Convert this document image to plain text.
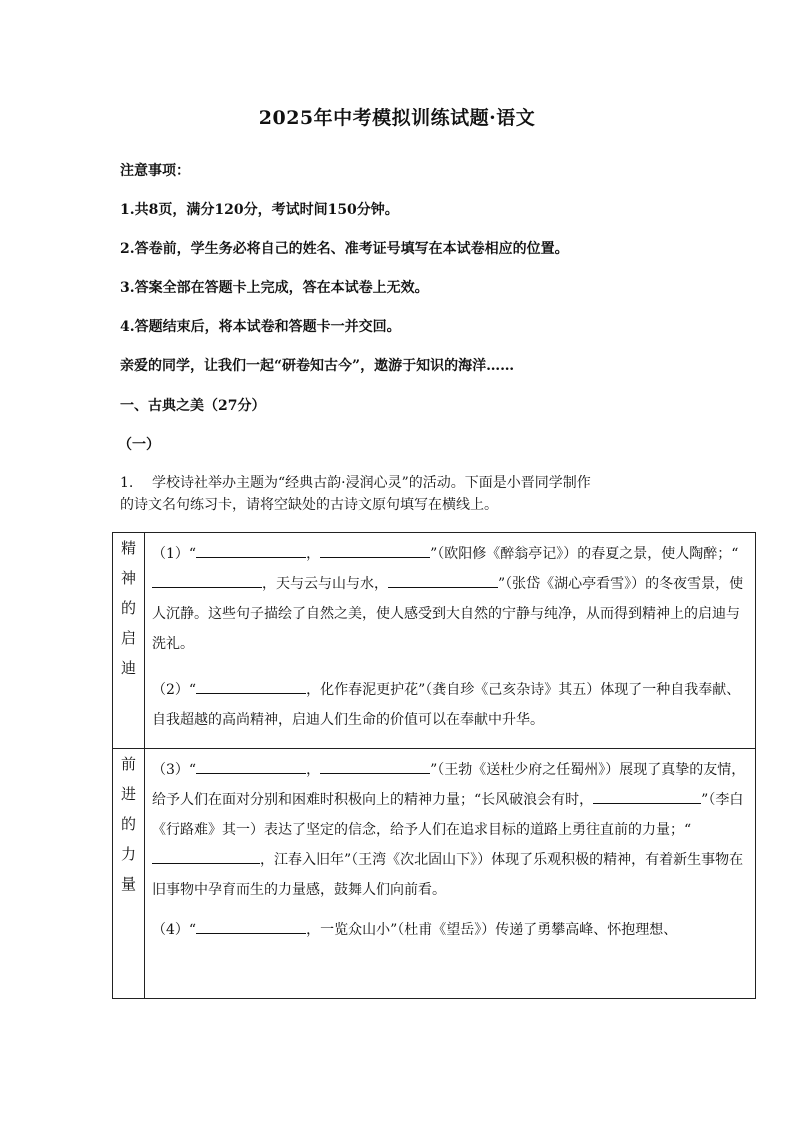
2025年中考模拟训练试题·语文
注意事项：
1.共8页，满分120分，考试时间150分钟。
2.答卷前，学生务必将自己的姓名、准考证号填写在本试卷相应的位置。
3.答案全部在答题卡上完成，答在本试卷上无效。
4.答题结束后，将本试卷和答题卡一并交回。
亲爱的同学，让我们一起“研卷知古今”，遨游于知识的海洋……
一、古典之美（27分）
（一）
1. 学校诗社举办主题为“经典古韵·浸润心灵”的活动。下面是小晋同学制作
的诗文名句练习卡，请将空缺处的古诗文原句填写在横线上。
精神的启迪	（1）“ ， ”（欧阳修《醉翁亭记》）的春夏之景，使人陶醉；“，天与云与山与水， ”（张岱《湖心亭看雪》）的冬夜雪景，使人沉静。这些句子描绘了自然之美，使人感受到大自然的宁静与纯净，从而得到精神上的启迪与洗礼。

（2）“ ，化作春泥更护花”（龚自珍《己亥杂诗》其五）体现了一种自我奉献、自我超越的高尚精神，启迪人们生命的价值可以在奉献中升华。

前进的力量	（3）“ ， ”（王勃《送杜少府之任蜀州》）展现了真挚的友情，给予人们在面对分别和困难时积极向上的精神力量；“长风破浪会有时， ”（李白《行路难》其一）表达了坚定的信念，给予人们在追求目标的道路上勇往直前的力量；“，江春入旧年”（王湾《次北固山下》）体现了乐观积极的精神，有着新生事物在旧事物中孕育而生的力量感，鼓舞人们向前看。

（4）“ ，一览众山小”（杜甫《望岳》）传递了勇攀高峰、怀抱理想、
